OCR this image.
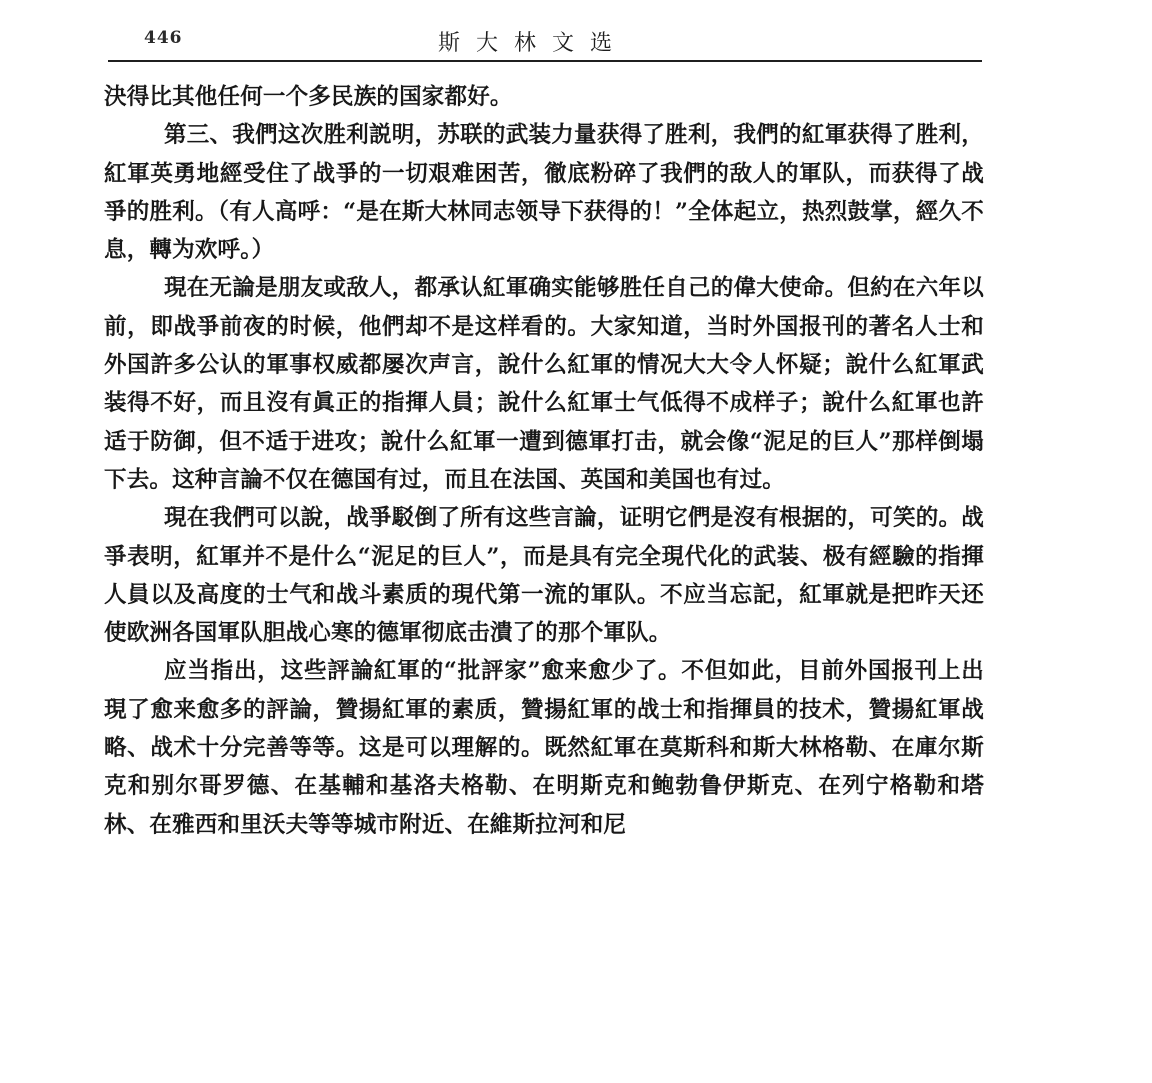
446	斯大林文选

決得比其他任何一个多民族的国家都好。

第三、我們这次胜利説明，苏联的武装力量获得了胜利，我們的紅軍获得了胜利，紅軍英勇地經受住了战爭的一切艰难困苦，徹底粉碎了我們的敌人的軍队，而获得了战爭的胜利。（有人高呼：“是在斯大林同志领导下获得的！”全体起立，热烈鼓掌，經久不息，轉为欢呼。）

現在无論是朋友或敌人，都承认紅軍确实能够胜任自己的偉大使命。但約在六年以前，即战爭前夜的时候，他們却不是这样看的。大家知道，当时外国报刊的著名人士和外国許多公认的軍事权威都屡次声言，說什么紅軍的情况大大令人怀疑；說什么紅軍武装得不好，而且沒有眞正的指揮人員；說什么紅軍士气低得不成样子；說什么紅軍也許适于防御，但不适于进攻；說什么紅軍一遭到德軍打击，就会像“泥足的巨人”那样倒塌下去。这种言論不仅在德国有过，而且在法国、英国和美国也有过。

現在我們可以說，战爭駁倒了所有这些言論，证明它們是沒有根据的，可笑的。战爭表明，紅軍并不是什么“泥足的巨人”，而是具有完全現代化的武装、极有經驗的指揮人員以及高度的士气和战斗素质的現代第一流的軍队。不应当忘記，紅軍就是把昨天还使欧洲各国軍队胆战心寒的德軍彻底击潰了的那个軍队。

应当指出，这些評論紅軍的“批評家”愈来愈少了。不但如此，目前外国报刊上出現了愈来愈多的評論，贊揚紅軍的素质，贊揚紅軍的战士和指揮員的技术，贊揚紅軍战略、战术十分完善等等。这是可以理解的。既然紅軍在莫斯科和斯大林格勒、在庫尔斯克和别尔哥罗德、在基輔和基洛夫格勒、在明斯克和鲍勃鲁伊斯克、在列宁格勒和塔林、在雅西和里沃夫等等城市附近、在維斯拉河和尼
